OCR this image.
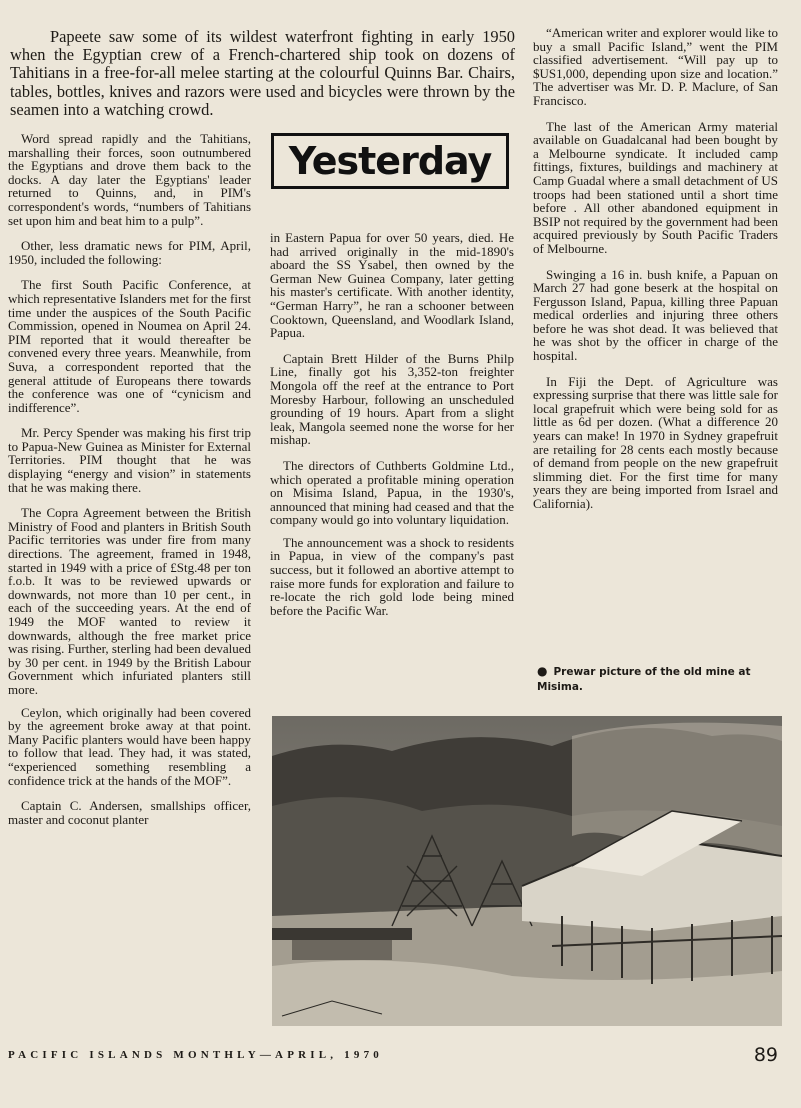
Papeete saw some of its wildest waterfront fighting in early 1950 when the Egyptian crew of a French-chartered ship took on dozens of Tahitians in a free-for-all melee starting at the colourful Quinns Bar. Chairs, tables, bottles, knives and razors were used and bicycles were thrown by the seamen into a watching crowd.

Word spread rapidly and the Tahitians, marshalling their forces, soon outnumbered the Egyptians and drove them back to the docks. A day later the Egyptians' leader returned to Quinns, and, in PIM's correspondent's words, “numbers of Tahitians set upon him and beat him to a pulp”.

Other, less dramatic news for PIM, April, 1950, included the following:

The first South Pacific Conference, at which representative Islanders met for the first time under the auspices of the South Pacific Commission, opened in Noumea on April 24. PIM reported that it would thereafter be convened every three years. Meanwhile, from Suva, a correspondent reported that the general attitude of Europeans there towards the conference was one of “cynicism and indifference”.

Mr. Percy Spender was making his first trip to Papua-New Guinea as Minister for External Territories. PIM thought that he was displaying “energy and vision” in statements that he was making there.

The Copra Agreement between the British Ministry of Food and planters in British South Pacific territories was under fire from many directions. The agreement, framed in 1948, started in 1949 with a price of £Stg.48 per ton f.o.b. It was to be reviewed upwards or downwards, not more than 10 per cent., in each of the succeeding years. At the end of 1949 the MOF wanted to review it downwards, although the free market price was rising. Further, sterling had been devalued by 30 per cent. in 1949 by the British Labour Government which infuriated planters still more.

Ceylon, which originally had been covered by the agreement broke away at that point. Many Pacific planters would have been happy to follow that lead. They had, it was stated, “experienced something resembling a confidence trick at the hands of the MOF”.

Captain C. Andersen, smallships officer, master and coconut planter

Yesterday

in Eastern Papua for over 50 years, died. He had arrived originally in the mid-1890's aboard the SS Ysabel, then owned by the German New Guinea Company, later getting his master's certificate. With another identity, “German Harry”, he ran a schooner between Cooktown, Queensland, and Woodlark Island, Papua.

Captain Brett Hilder of the Burns Philp Line, finally got his 3,352-ton freighter Mongola off the reef at the entrance to Port Moresby Harbour, following an unscheduled grounding of 19 hours. Apart from a slight leak, Mangola seemed none the worse for her mishap.

The directors of Cuthberts Goldmine Ltd., which operated a profitable mining operation on Misima Island, Papua, in the 1930's, announced that mining had ceased and that the company would go into voluntary liquidation.

The announcement was a shock to residents in Papua, in view of the company's past success, but it followed an abortive attempt to raise more funds for exploration and failure to re-locate the rich gold lode being mined before the Pacific War.

“American writer and explorer would like to buy a small Pacific Island,” went the PIM classified advertisement. “Will pay up to $US1,000, depending upon size and location.” The advertiser was Mr. D. P. Maclure, of San Francisco.

The last of the American Army material available on Guadalcanal had been bought by a Melbourne syndicate. It included camp fittings, fixtures, buildings and machinery at Camp Guadal where a small detachment of US troops had been stationed until a short time before . All other abandoned equipment in BSIP not required by the government had been acquired previously by South Pacific Traders of Melbourne.

Swinging a 16 in. bush knife, a Papuan on March 27 had gone beserk at the hospital on Fergusson Island, Papua, killing three Papuan medical orderlies and injuring three others before he was shot dead. It was believed that he was shot by the officer in charge of the hospital.

In Fiji the Dept. of Agriculture was expressing surprise that there was little sale for local grapefruit which were being sold for as little as 6d per dozen. (What a difference 20 years can make! In 1970 in Sydney grapefruit are retailing for 28 cents each mostly because of demand from people on the new grapefruit slimming diet. For the first time for many years they are being imported from Israel and California).

● Prewar picture of the old mine at Misima.

PACIFIC ISLANDS MONTHLY—APRIL, 1970	89
